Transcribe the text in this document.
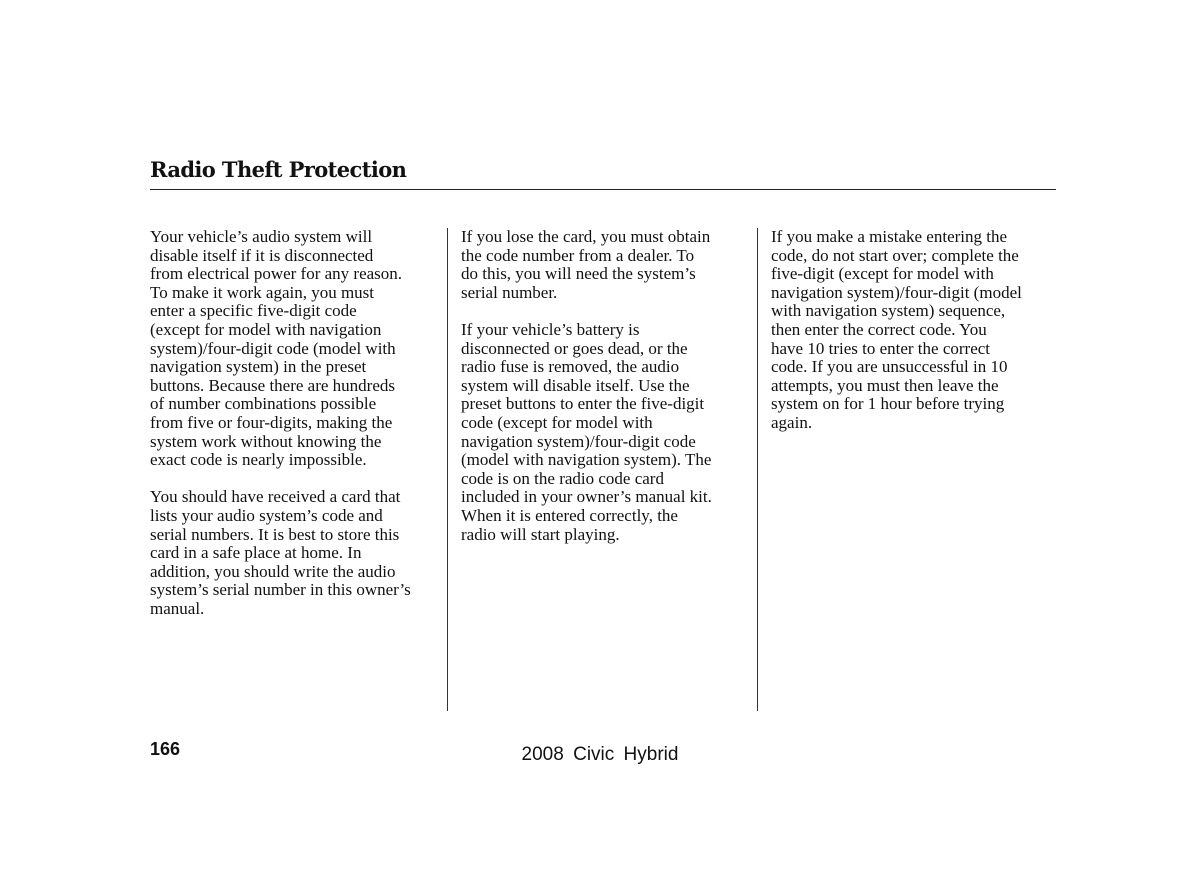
Radio Theft Protection

Your vehicle’s audio system will
disable itself if it is disconnected
from electrical power for any reason.
To make it work again, you must
enter a specific five-digit code
(except for model with navigation
system)/four-digit code (model with
navigation system) in the preset
buttons. Because there are hundreds
of number combinations possible
from five or four-digits, making the
system work without knowing the
exact code is nearly impossible.

You should have received a card that
lists your audio system’s code and
serial numbers. It is best to store this
card in a safe place at home. In
addition, you should write the audio
system’s serial number in this owner’s
manual.

If you lose the card, you must obtain
the code number from a dealer. To
do this, you will need the system’s
serial number.

If your vehicle’s battery is
disconnected or goes dead, or the
radio fuse is removed, the audio
system will disable itself. Use the
preset buttons to enter the five-digit
code (except for model with
navigation system)/four-digit code
(model with navigation system). The
code is on the radio code card
included in your owner’s manual kit.
When it is entered correctly, the
radio will start playing.

If you make a mistake entering the
code, do not start over; complete the
five-digit (except for model with
navigation system)/four-digit (model
with navigation system) sequence,
then enter the correct code. You
have 10 tries to enter the correct
code. If you are unsuccessful in 10
attempts, you must then leave the
system on for 1 hour before trying
again.

166	2008 Civic Hybrid
